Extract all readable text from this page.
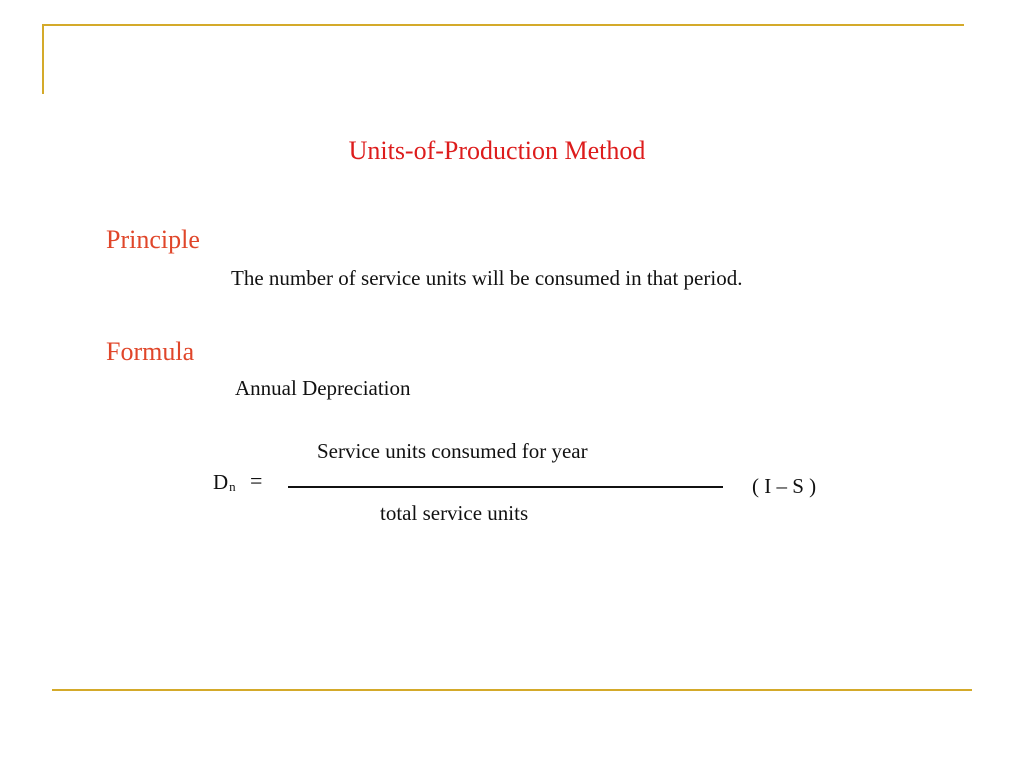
Units-of-Production Method
Principle
The number of service units will be consumed in that period.
Formula
Annual Depreciation
Service units consumed for year
total service units
$D_n$ =	( I – S )
